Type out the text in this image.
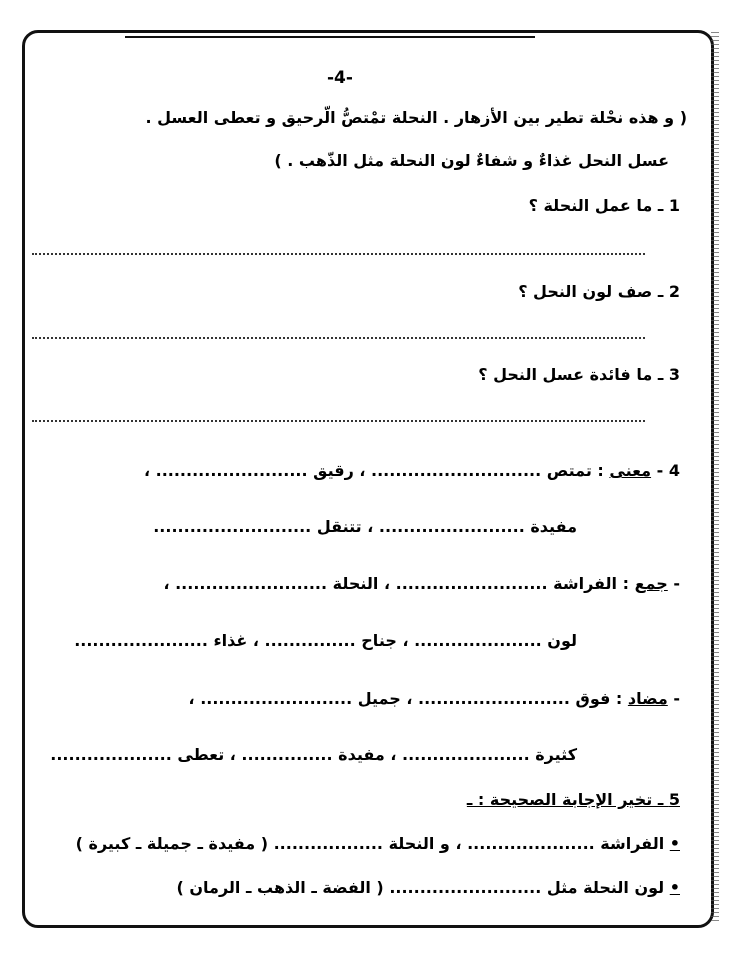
-4-
( و هذه نحْلة تطير بين الأزهار . النحلة تمْتصُّ الّرحيق و تعطى العسل .
عسل النحل غذاءٌ و شفاءٌ لون النحلة مثل الذّهب . )
1 ـ ما عمل النحلة ؟
2 ـ صف لون النحل ؟
3 ـ ما فائدة عسل النحل ؟
4 - معنى : تمتص ............................ ، رقيق ......................... ،
مفيدة ........................ ، تتنقل ..........................
- جمع : الفراشة ......................... ، النحلة ......................... ،
لون ..................... ، جناح ............... ، غذاء ......................
- مضاد : فوق ......................... ، جميل ......................... ،
كثيرة ..................... ، مفيدة ............... ، تعطى ....................
5 ـ تخير الإجابة الصحيحة : ـ
• الفراشة ..................... ، و النحلة .................. ( مفيدة ـ جميلة ـ كبيرة )
• لون النحلة مثل ......................... ( الفضة ـ الذهب ـ الرمان )
